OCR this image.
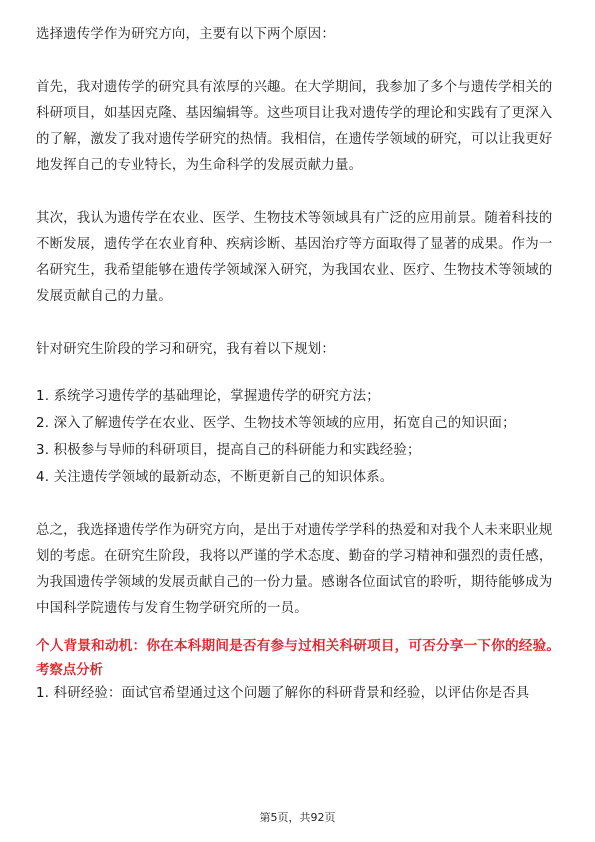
选择遗传学作为研究方向，主要有以下两个原因：

首先，我对遗传学的研究具有浓厚的兴趣。在大学期间，我参加了多个与遗传学相关的科研项目，如基因克隆、基因编辑等。这些项目让我对遗传学的理论和实践有了更深入的了解，激发了我对遗传学研究的热情。我相信，在遗传学领域的研究，可以让我更好地发挥自己的专业特长，为生命科学的发展贡献力量。

其次，我认为遗传学在农业、医学、生物技术等领域具有广泛的应用前景。随着科技的不断发展，遗传学在农业育种、疾病诊断、基因治疗等方面取得了显著的成果。作为一名研究生，我希望能够在遗传学领域深入研究，为我国农业、医疗、生物技术等领域的发展贡献自己的力量。

针对研究生阶段的学习和研究，我有着以下规划：

1. 系统学习遗传学的基础理论，掌握遗传学的研究方法；

2. 深入了解遗传学在农业、医学、生物技术等领域的应用，拓宽自己的知识面；

3. 积极参与导师的科研项目，提高自己的科研能力和实践经验；

4. 关注遗传学领域的最新动态，不断更新自己的知识体系。

总之，我选择遗传学作为研究方向，是出于对遗传学学科的热爱和对我个人未来职业规划的考虑。在研究生阶段，我将以严谨的学术态度、勤奋的学习精神和强烈的责任感，为我国遗传学领域的发展贡献自己的一份力量。感谢各位面试官的聆听，期待能够成为中国科学院遗传与发育生物学研究所的一员。

个人背景和动机：你在本科期间是否有参与过相关科研项目，可否分享一下你的经验。

考察点分析

1. 科研经验：面试官希望通过这个问题了解你的科研背景和经验，以评估你是否具

第5页，共92页
